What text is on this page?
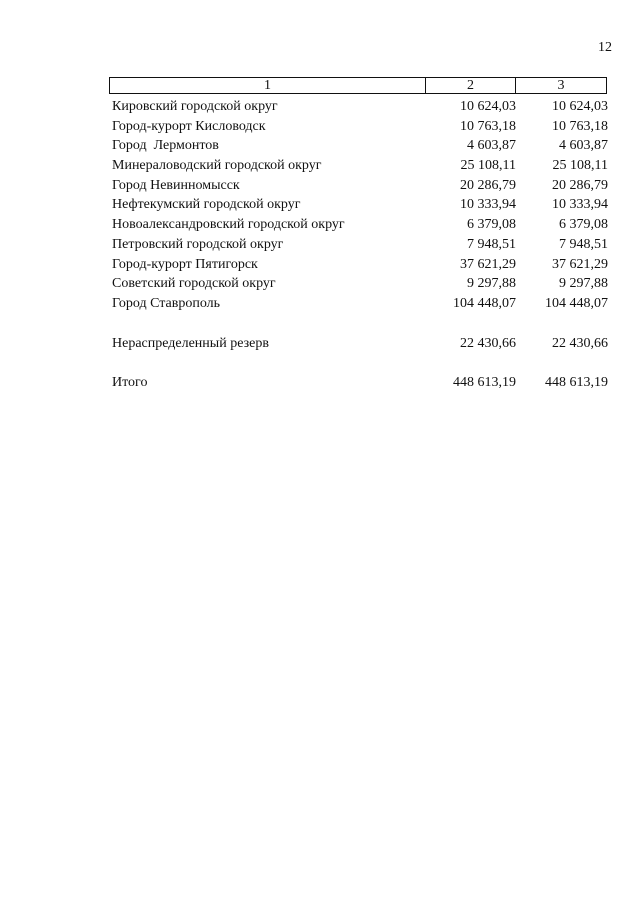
12
1	2	3
Кировский городской округ	10 624,03	10 624,03
Город-курорт Кисловодск	10 763,18	10 763,18
Город  Лермонтов	4 603,87	4 603,87
Минераловодский городской округ	25 108,11	25 108,11
Город Невинномысск	20 286,79	20 286,79
Нефтекумский городской округ	10 333,94	10 333,94
Новоалександровский городской округ	6 379,08	6 379,08
Петровский городской округ	7 948,51	7 948,51
Город-курорт Пятигорск	37 621,29	37 621,29
Советский городской округ	9 297,88	9 297,88
Город Ставрополь	104 448,07	104 448,07
Нераспределенный резерв	22 430,66	22 430,66
Итого	448 613,19	448 613,19
